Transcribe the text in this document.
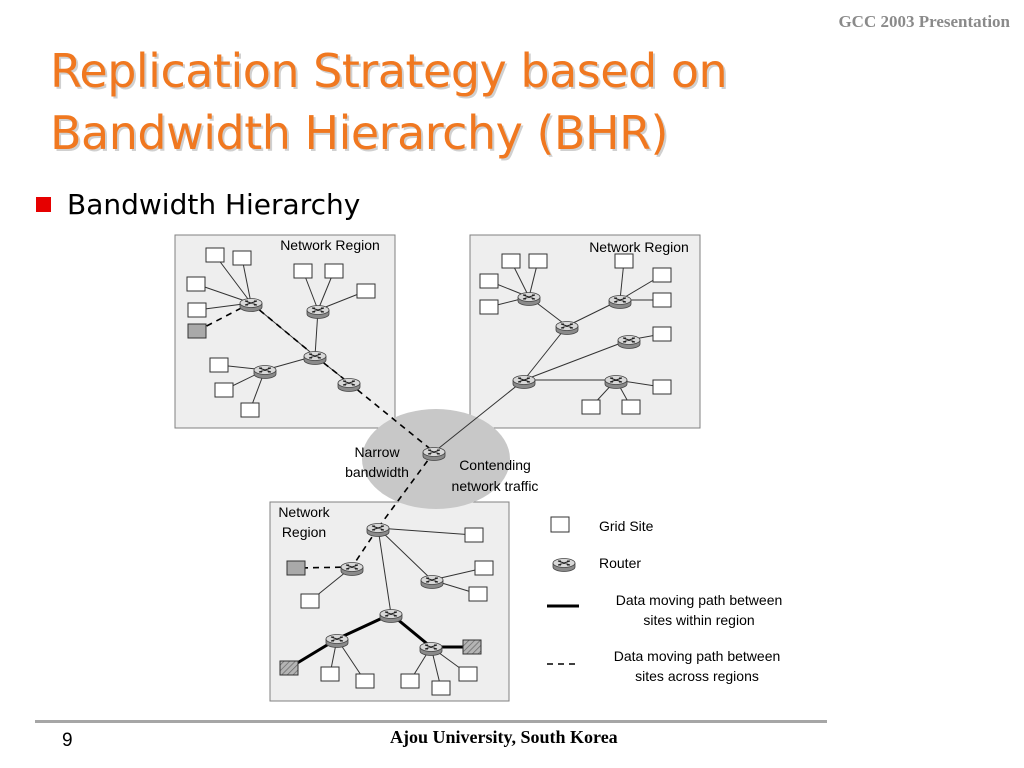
GCC 2003 Presentation
Replication Strategy based on
Bandwidth Hierarchy (BHR)
Bandwidth Hierarchy
Network Region	Network Region
Network
Region
Narrow
bandwidth	Contending
network traffic
Grid Site
Router
Data moving path between
sites within region
Data moving path between
sites across regions
9	Ajou University, South Korea
